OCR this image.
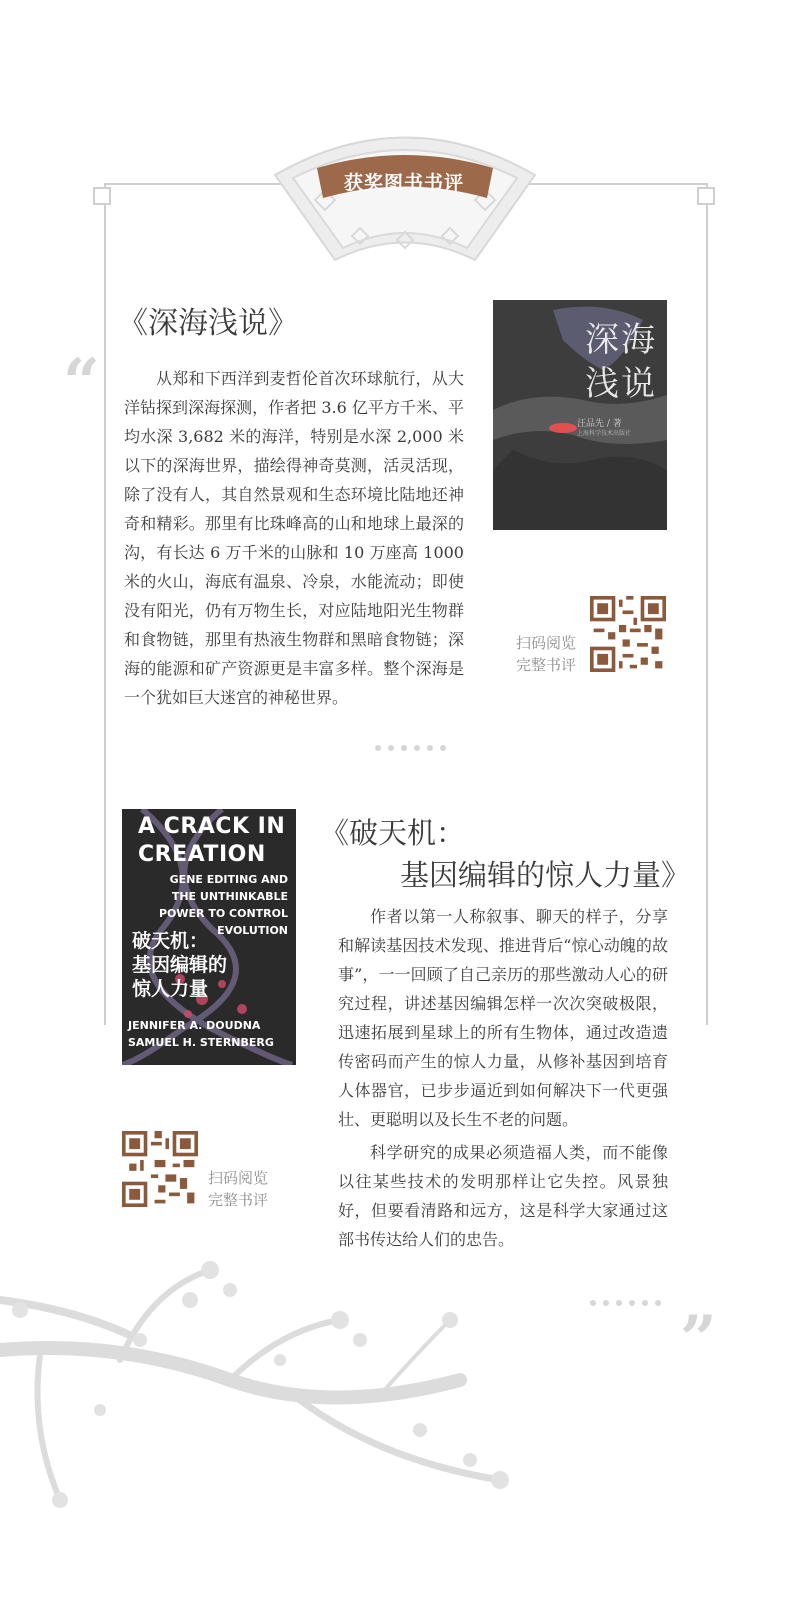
获奖图书书评
“
”
《深海浅说》

从郑和下西洋到麦哲伦首次环球航行，从大洋钻探到深海探测，作者把 3.6 亿平方千米、平均水深 3,682 米的海洋，特别是水深 2,000 米以下的深海世界，描绘得神奇莫测，活灵活现，除了没有人，其自然景观和生态环境比陆地还神奇和精彩。那里有比珠峰高的山和地球上最深的沟，有长达 6 万千米的山脉和 10 万座高 1000 米的火山，海底有温泉、冷泉，水能流动；即使没有阳光，仍有万物生长，对应陆地阳光生物群和食物链，那里有热液生物群和黑暗食物链；深海的能源和矿产资源更是丰富多样。整个深海是一个犹如巨大迷宫的神秘世界。

深海
浅说
汪品先 / 著
上海科学技术出版社
扫码阅览
完整书评
A CRACK IN
CREATION
GENE EDITING AND
THE UNTHINKABLE
POWER TO CONTROL
EVOLUTION
破天机：
基因编辑的
惊人力量
JENNIFER A. DOUDNA
SAMUEL H. STERNBERG
《破天机：
基因编辑的惊人力量》

作者以第一人称叙事、聊天的样子，分享和解读基因技术发现、推进背后“惊心动魄的故事”，一一回顾了自己亲历的那些激动人心的研究过程，讲述基因编辑怎样一次次突破极限，迅速拓展到星球上的所有生物体，通过改造遗传密码而产生的惊人力量，从修补基因到培育人体器官，已步步逼近到如何解决下一代更强壮、更聪明以及长生不老的问题。

科学研究的成果必须造福人类，而不能像以往某些技术的发明那样让它失控。风景独好，但要看清路和远方，这是科学大家通过这部书传达给人们的忠告。

扫码阅览
完整书评
